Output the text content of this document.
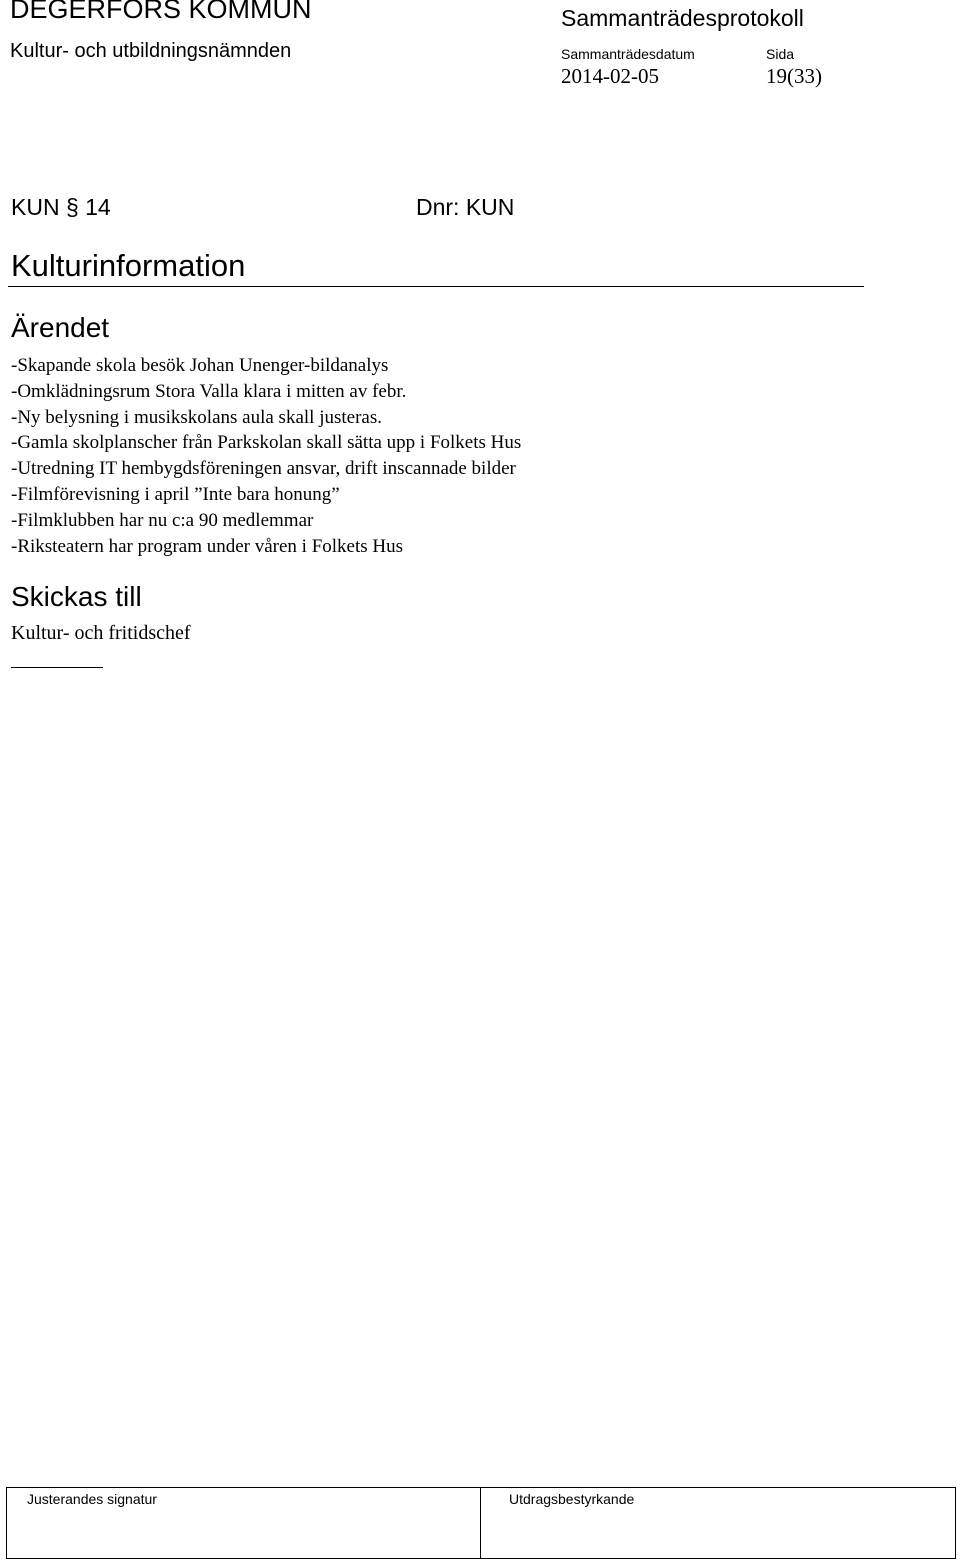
DEGERFORS KOMMUN
Kultur- och utbildningsnämnden
Sammanträdesprotokoll
Sammanträdesdatum	Sida
2014-02-05	19(33)
KUN § 14	Dnr: KUN
Kulturinformation
Ärendet
-Skapande skola besök Johan Unenger-bildanalys
-Omklädningsrum Stora Valla klara i mitten av febr.
-Ny belysning i musikskolans aula skall justeras.
-Gamla skolplanscher från Parkskolan skall sätta upp i Folkets Hus
-Utredning IT hembygdsföreningen ansvar, drift inscannade bilder
-Filmförevisning i april ”Inte bara honung”
-Filmklubben har nu c:a 90 medlemmar
-Riksteatern har program under våren i Folkets Hus
Skickas till
Kultur- och fritidschef
Justerandes signatur	Utdragsbestyrkande
